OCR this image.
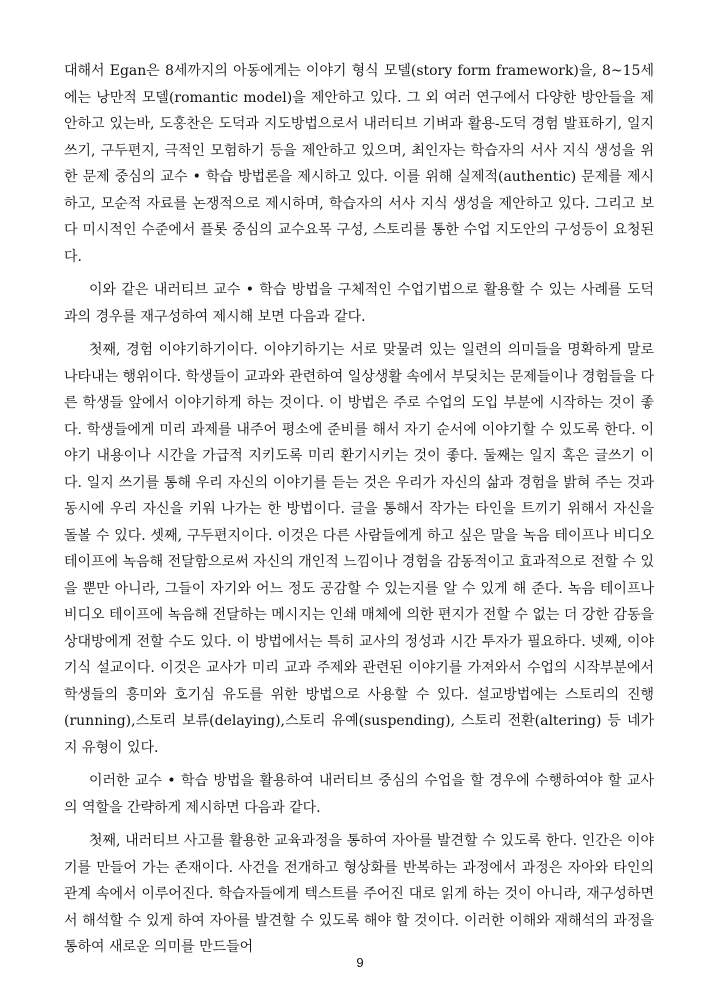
대해서 Egan은 8세까지의 아동에게는 이야기 형식 모델(story form framework)을, 8~15세에는 낭만적 모델(romantic model)을 제안하고 있다. 그 외 여러 연구에서 다양한 방안들을 제안하고 있는바, 도홍찬은 도덕과 지도방법으로서 내러티브 기벼과 활용-도덕 경험 발표하기, 일지쓰기, 구두편지, 극적인 모험하기 등을 제안하고 있으며, 최인자는 학습자의 서사 지식 생성을 위한 문제 중심의 교수 • 학습 방법론을 제시하고 있다. 이를 위해 실제적(authentic) 문제를 제시하고, 모순적 자료를 논쟁적으로 제시하며, 학습자의 서사 지식 생성을 제안하고 있다. 그리고 보다 미시적인 수준에서 플롯 중심의 교수요목 구성, 스토리를 통한 수업 지도안의 구성등이 요청된다.

이와 같은 내러티브 교수 • 학습 방법을 구체적인 수업기법으로 활용할 수 있는 사례를 도덕과의 경우를 재구성하여 제시해 보면 다음과 같다.

첫째, 경험 이야기하기이다. 이야기하기는 서로 맞물려 있는 일련의 의미들을 명확하게 말로 나타내는 행위이다. 학생들이 교과와 관련하여 일상생활 속에서 부딪치는 문제들이나 경험들을 다른 학생들 앞에서 이야기하게 하는 것이다. 이 방법은 주로 수업의 도입 부분에 시작하는 것이 좋다. 학생들에게 미리 과제를 내주어 평소에 준비를 해서 자기 순서에 이야기할 수 있도록 한다. 이야기 내용이나 시간을 가급적 지키도록 미리 환기시키는 것이 좋다. 둘째는 일지 혹은 글쓰기 이다. 일지 쓰기를 통해 우리 자신의 이야기를 듣는 것은 우리가 자신의 삶과 경험을 밝혀 주는 것과 동시에 우리 자신을 키워 나가는 한 방법이다. 글을 통해서 작가는 타인을 트끼기 위해서 자신을 돌볼 수 있다. 셋째, 구두편지이다. 이것은 다른 사람들에게 하고 싶은 말을 녹음 테이프나 비디오 테이프에 녹음해 전달함으로써 자신의 개인적 느낌이나 경험을 감동적이고 효과적으로 전할 수 있을 뿐만 아니라, 그들이 자기와 어느 정도 공감할 수 있는지를 알 수 있게 해 준다. 녹음 테이프나 비디오 테이프에 녹음해 전달하는 메시지는 인쇄 매체에 의한 편지가 전할 수 없는 더 강한 감동을 상대방에게 전할 수도 있다. 이 방법에서는 특히 교사의 정성과 시간 투자가 필요하다. 넷째, 이야기식 설교이다. 이것은 교사가 미리 교과 주제와 관련된 이야기를 가져와서 수업의 시작부분에서 학생들의 흥미와 호기심 유도를 위한 방법으로 사용할 수 있다. 설교방법에는 스토리의 진행(running),스토리 보류(delaying),스토리 유예(suspending), 스토리 전환(altering) 등 네가지 유형이 있다.

이러한 교수 • 학습 방법을 활용하여 내러티브 중심의 수업을 할 경우에 수행하여야 할 교사의 역할을 간략하게 제시하면 다음과 같다.

첫째, 내러티브 사고를 활용한 교육과정을 통하여 자아를 발견할 수 있도록 한다. 인간은 이야기를 만들어 가는 존재이다. 사건을 전개하고 형상화를 반복하는 과정에서 과정은 자아와 타인의 관계 속에서 이루어진다. 학습자들에게 텍스트를 주어진 대로 읽게 하는 것이 아니라, 재구성하면서 해석할 수 있게 하여 자아를 발견할 수 있도록 해야 할 것이다. 이러한 이해와 재해석의 과정을 통하여 새로운 의미를 만드들어

9
